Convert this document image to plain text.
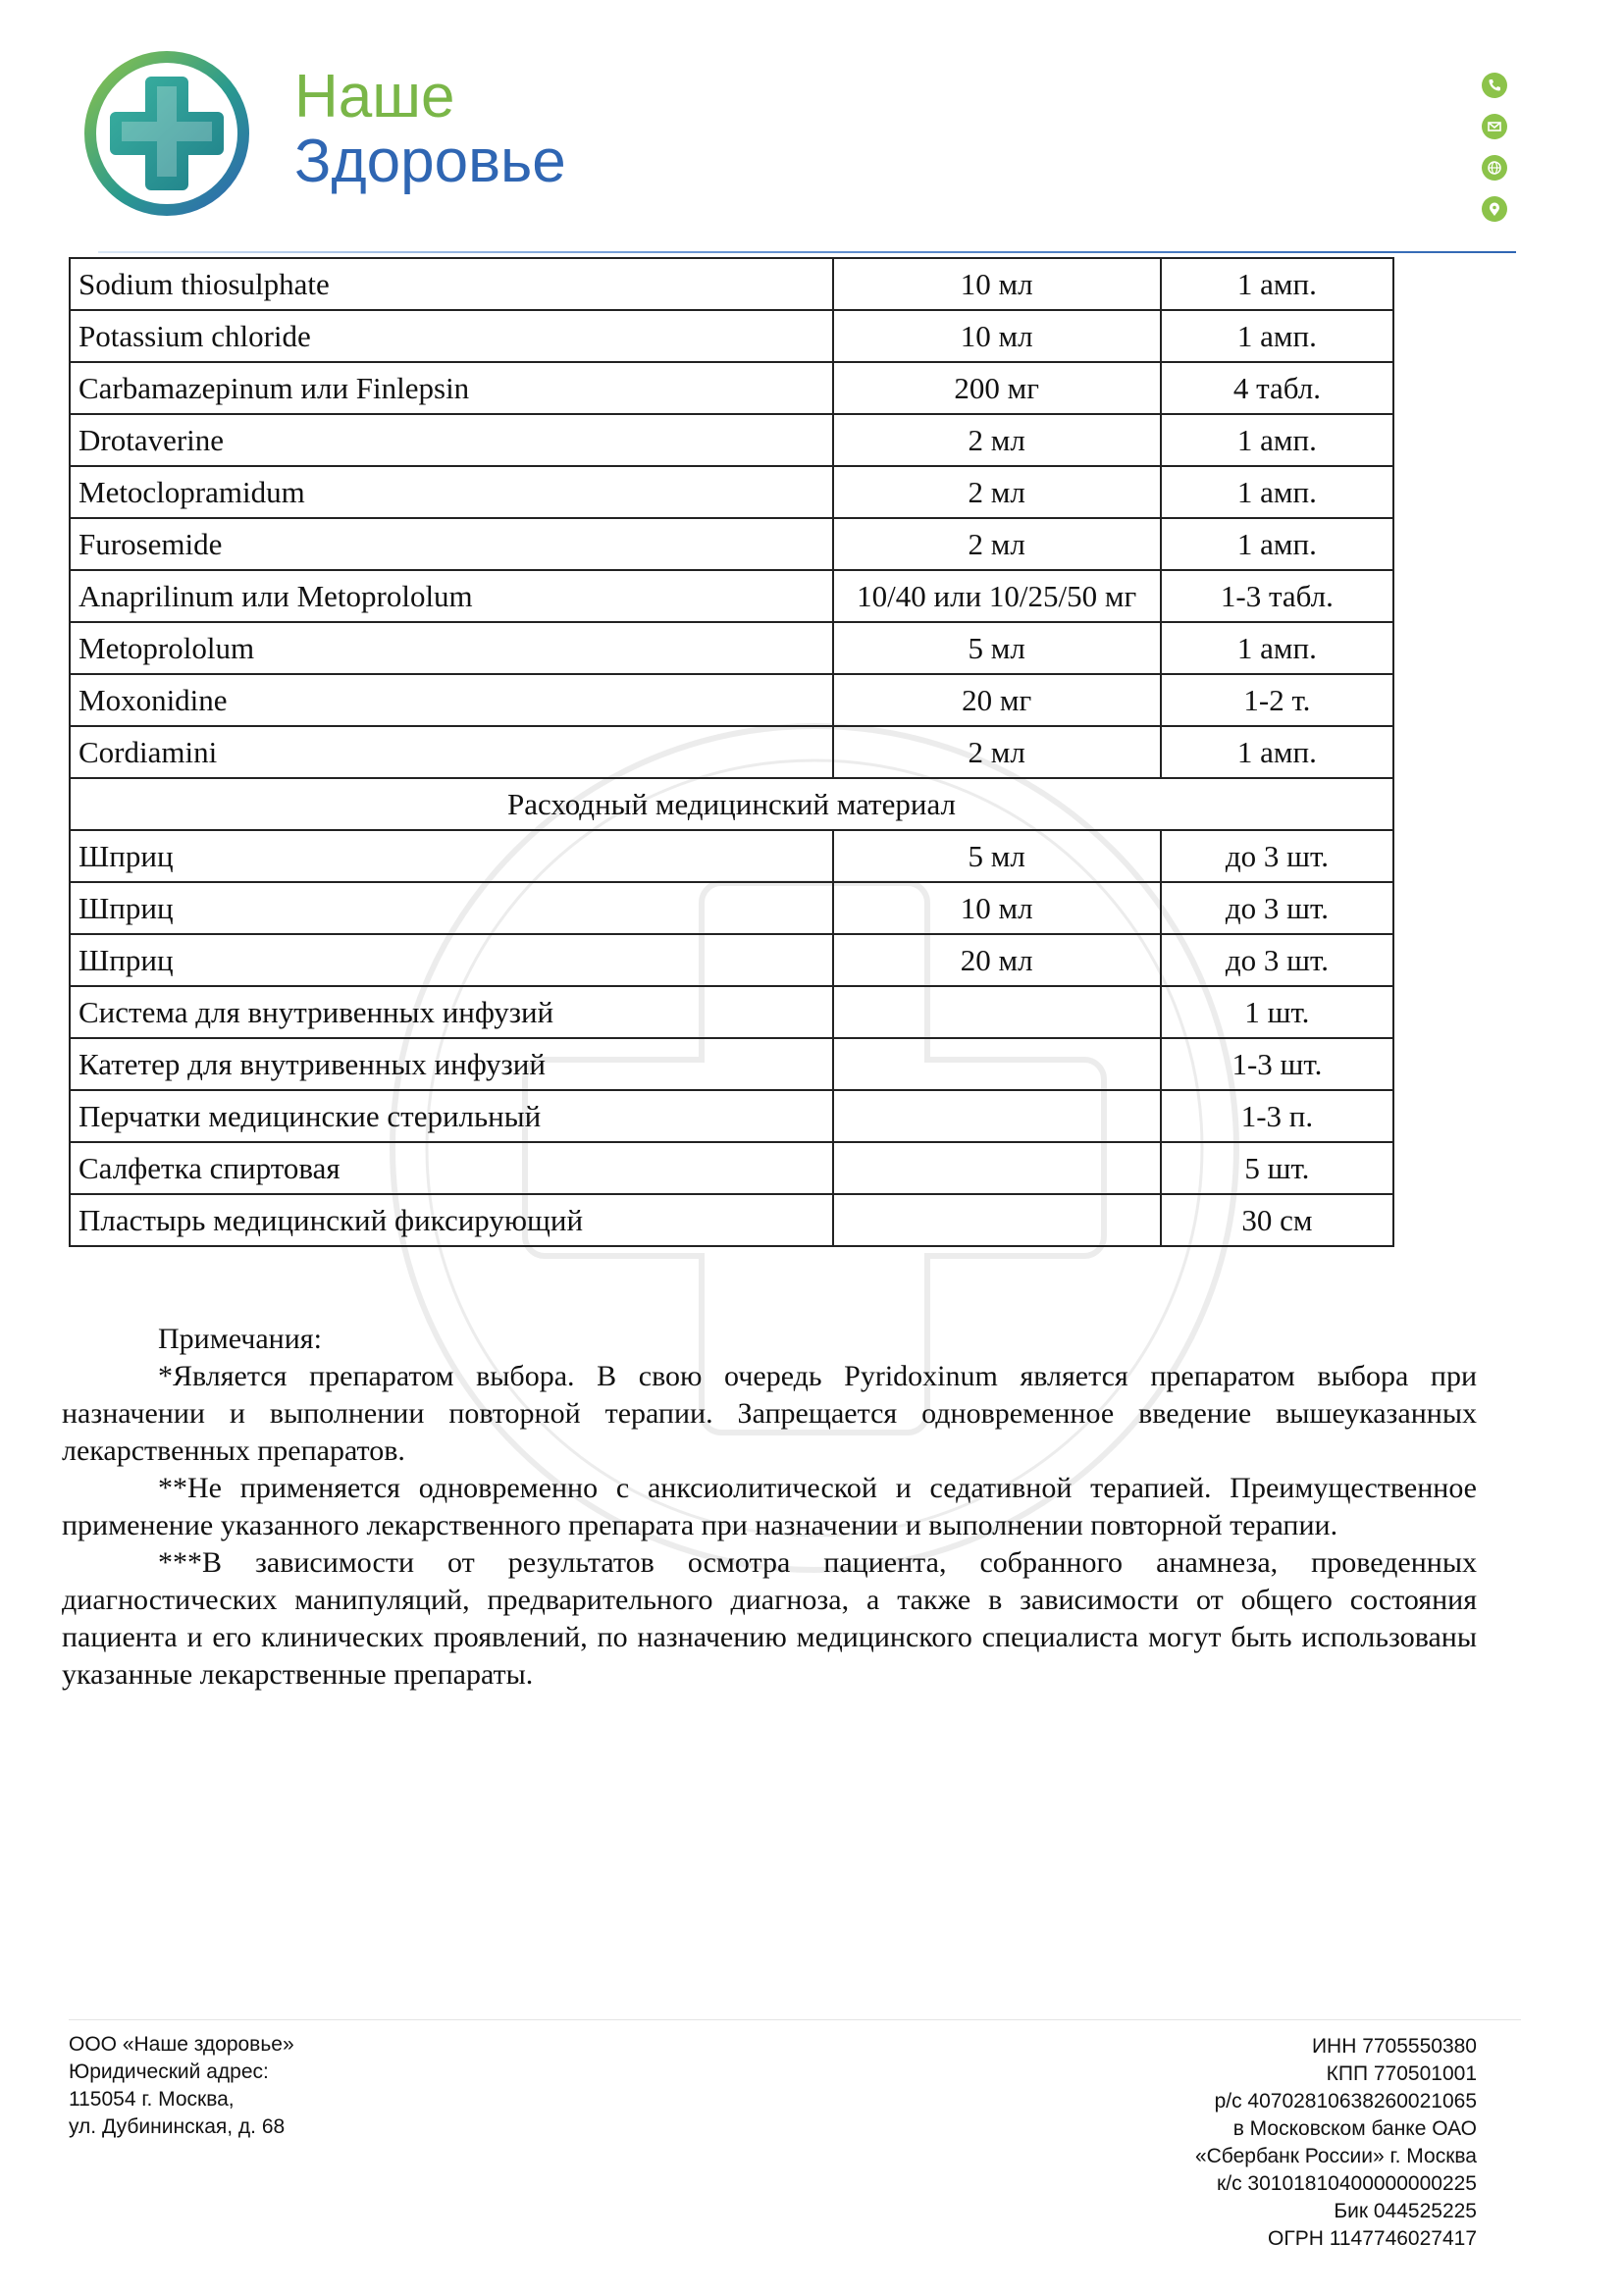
Наше
Здоровье
Sodium thiosulphate	10 мл	1 амп.
Potassium chloride	10 мл	1 амп.
Carbamazepinum или Finlepsin	200 мг	4 табл.
Drotaverine	2 мл	1 амп.
Metoclopramidum	2 мл	1 амп.
Furosemide	2 мл	1 амп.
Anaprilinum или Metoprololum	10/40 или 10/25/50 мг	1-3 табл.
Metoprololum	5 мл	1 амп.
Moxonidine	20 мг	1-2 т.
Cordiamini	2 мл	1 амп.
Расходный медицинский материал		
Шприц	5 мл	до 3 шт.
Шприц	10 мл	до 3 шт.
Шприц	20 мл	до 3 шт.
Система для внутривенных инфузий		1 шт.
Катетер для внутривенных инфузий		1-3 шт.
Перчатки медицинские стерильный		1-3 п.
Салфетка спиртовая		5 шт.
Пластырь медицинский фиксирующий		30 см

Примечания:

*Является препаратом выбора. В свою очередь Pyridoxinum является препаратом выбора при назначении и выполнении повторной терапии. Запрещается одновременное введение вышеуказанных лекарственных препаратов.

**Не применяется одновременно с анксиолитической и седативной терапией. Преимущественное применение указанного лекарственного препарата при назначении и выполнении повторной терапии.

***В зависимости от результатов осмотра пациента, собранного анамнеза, проведенных диагностических манипуляций, предварительного диагноза, а также в зависимости от общего состояния пациента и его клинических проявлений, по назначению медицинского специалиста могут быть использованы указанные лекарственные препараты.

ООО «Наше здоровье»
Юридический адрес:
115054 г. Москва,
ул. Дубининская, д. 68
ИНН 7705550380
КПП 770501001
р/с 40702810638260021065
в Московском банке ОАО
«Сбербанк России» г. Москва
к/с 30101810400000000225
Бик 044525225
ОГРН 1147746027417
